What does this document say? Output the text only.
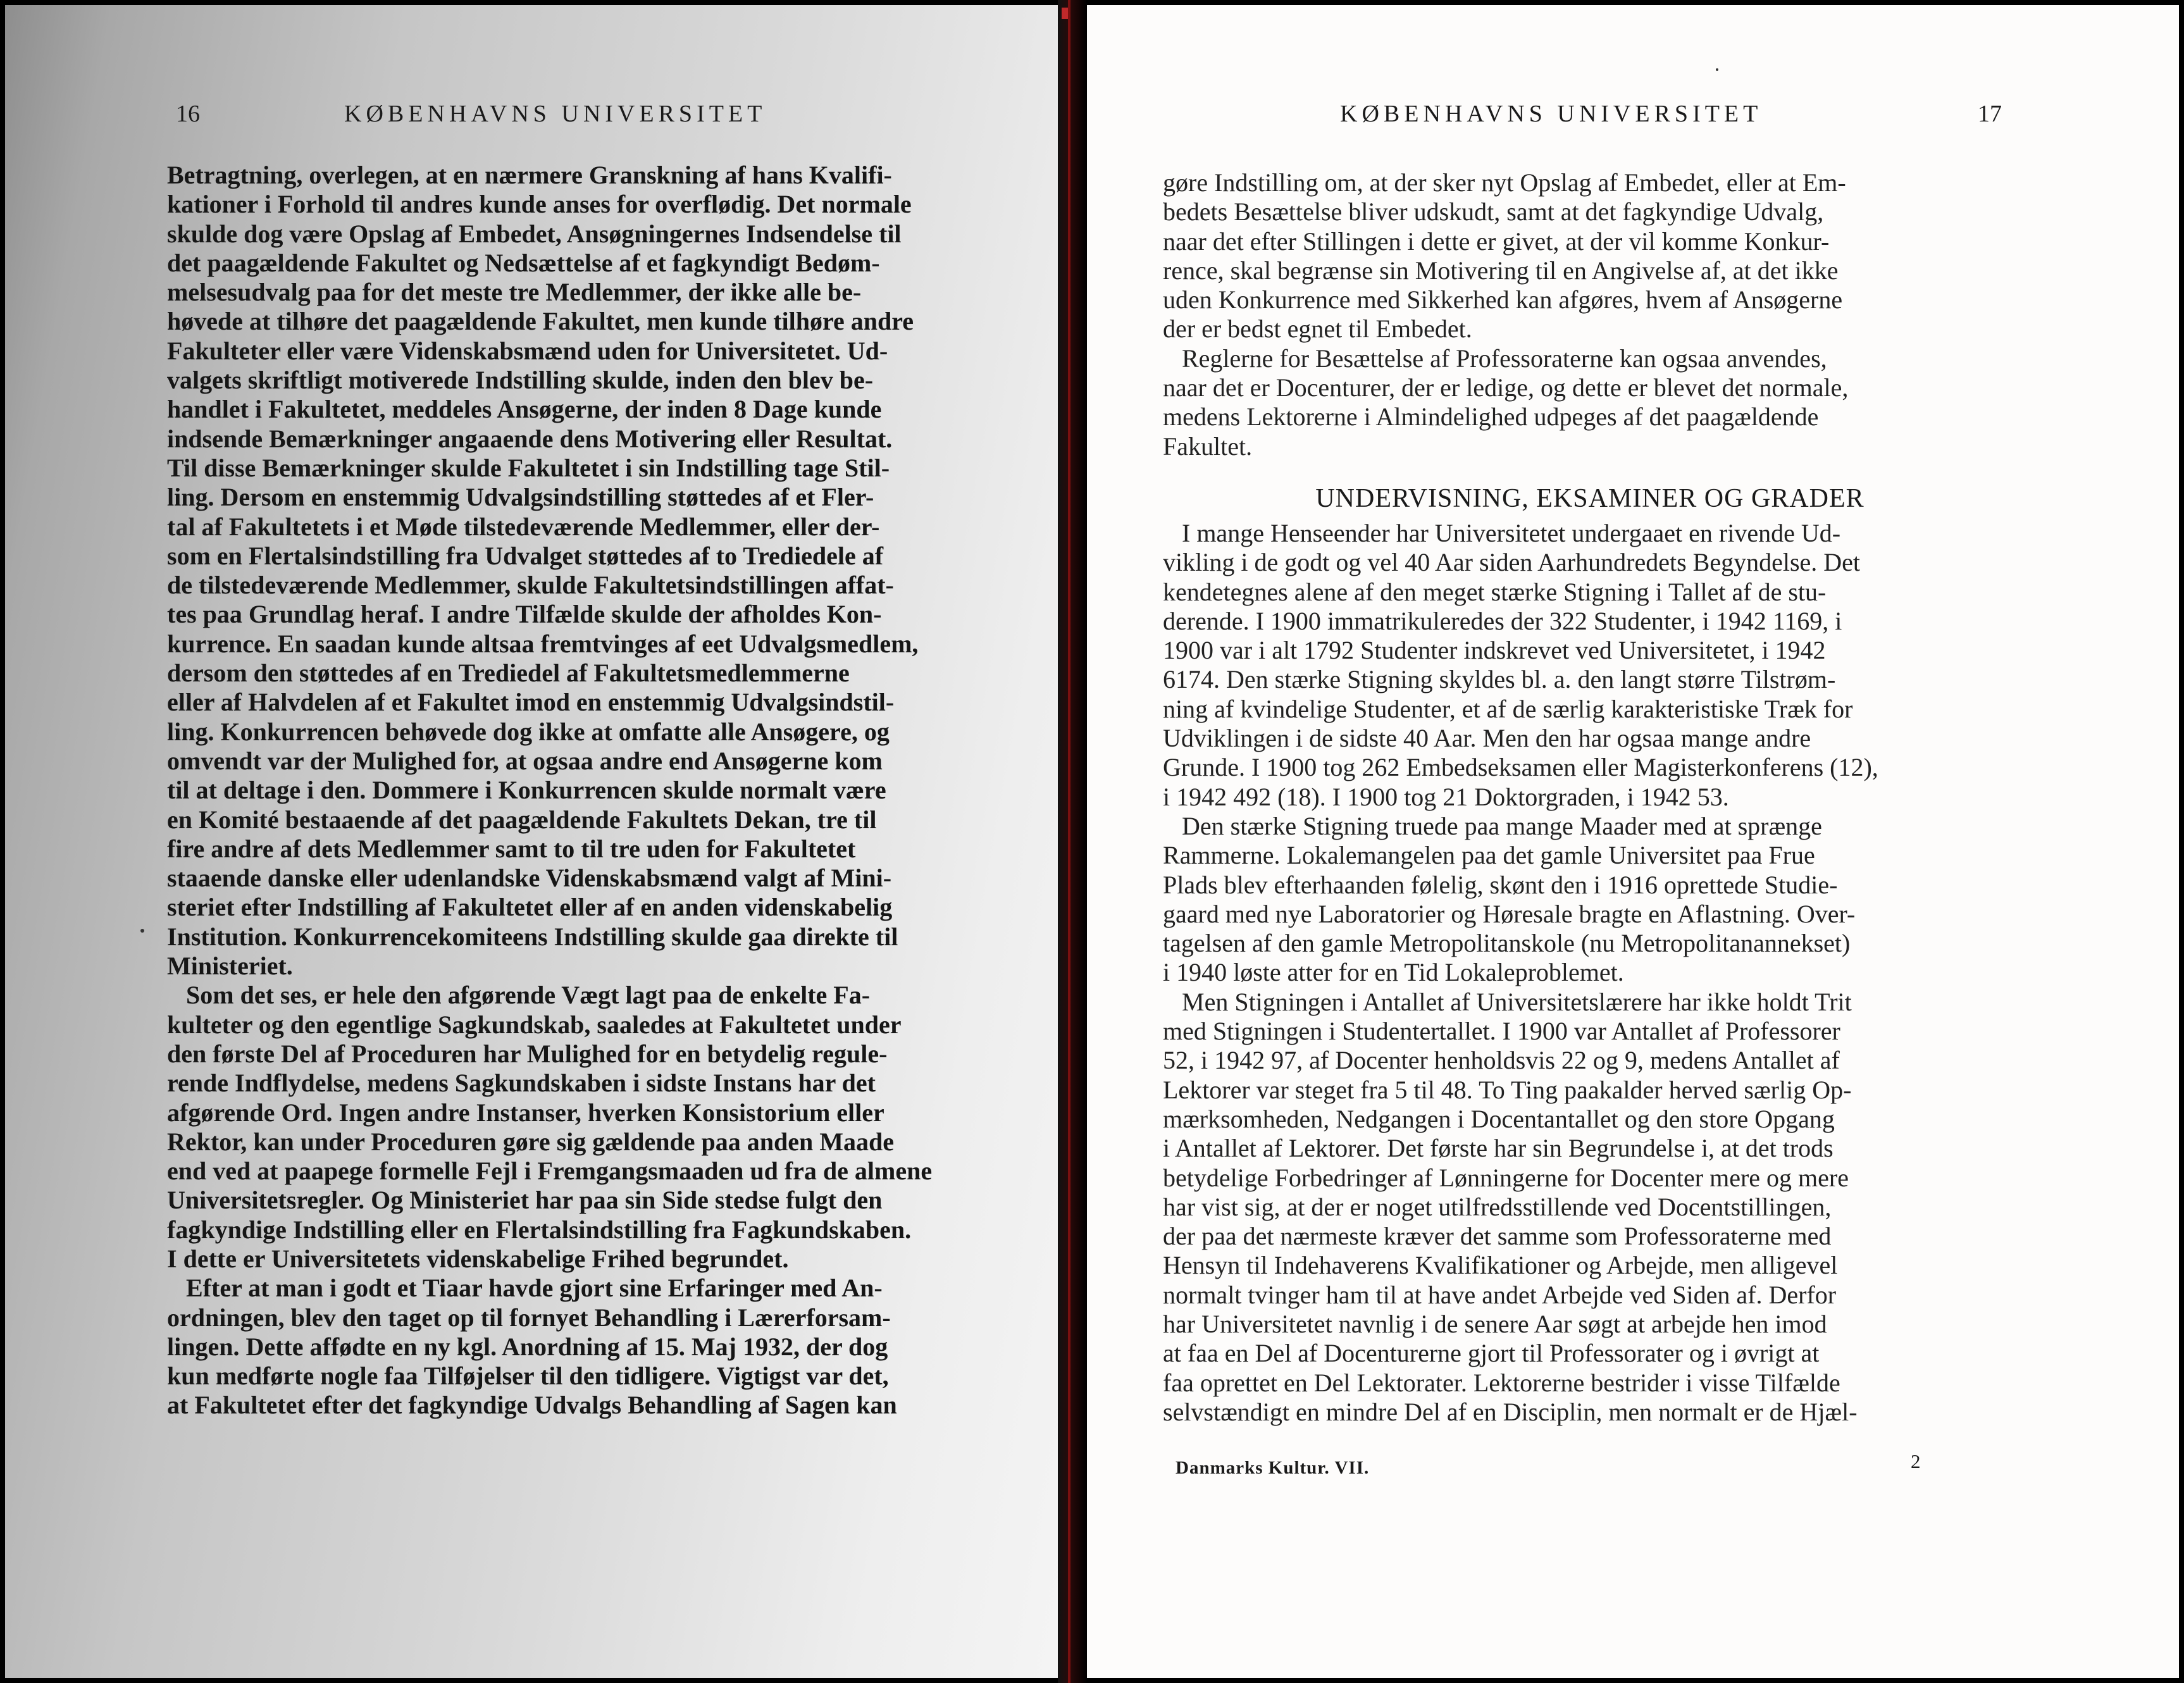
16	KØBENHAVNS UNIVERSITET
Betragtning, overlegen, at en nærmere Granskning af hans Kvalifi-
kationer i Forhold til andres kunde anses for overflødig. Det normale
skulde dog være Opslag af Embedet, Ansøgningernes Indsendelse til
det paagældende Fakultet og Nedsættelse af et fagkyndigt Bedøm-
melsesudvalg paa for det meste tre Medlemmer, der ikke alle be-
høvede at tilhøre det paagældende Fakultet, men kunde tilhøre andre
Fakulteter eller være Videnskabsmænd uden for Universitetet. Ud-
valgets skriftligt motiverede Indstilling skulde, inden den blev be-
handlet i Fakultetet, meddeles Ansøgerne, der inden 8 Dage kunde
indsende Bemærkninger angaaende dens Motivering eller Resultat.
Til disse Bemærkninger skulde Fakultetet i sin Indstilling tage Stil-
ling. Dersom en enstemmig Udvalgsindstilling støttedes af et Fler-
tal af Fakultetets i et Møde tilstedeværende Medlemmer, eller der-
som en Flertalsindstilling fra Udvalget støttedes af to Trediedele af
de tilstedeværende Medlemmer, skulde Fakultetsindstillingen affat-
tes paa Grundlag heraf. I andre Tilfælde skulde der afholdes Kon-
kurrence. En saadan kunde altsaa fremtvinges af eet Udvalgsmedlem,
dersom den støttedes af en Trediedel af Fakultetsmedlemmerne
eller af Halvdelen af et Fakultet imod en enstemmig Udvalgsindstil-
ling. Konkurrencen behøvede dog ikke at omfatte alle Ansøgere, og
omvendt var der Mulighed for, at ogsaa andre end Ansøgerne kom
til at deltage i den. Dommere i Konkurrencen skulde normalt være
en Komité bestaaende af det paagældende Fakultets Dekan, tre til
fire andre af dets Medlemmer samt to til tre uden for Fakultetet
staaende danske eller udenlandske Videnskabsmænd valgt af Mini-
steriet efter Indstilling af Fakultetet eller af en anden videnskabelig
Institution. Konkurrencekomiteens Indstilling skulde gaa direkte til
Ministeriet.
Som det ses, er hele den afgørende Vægt lagt paa de enkelte Fa-
kulteter og den egentlige Sagkundskab, saaledes at Fakultetet under
den første Del af Proceduren har Mulighed for en betydelig regule-
rende Indflydelse, medens Sagkundskaben i sidste Instans har det
afgørende Ord. Ingen andre Instanser, hverken Konsistorium eller
Rektor, kan under Proceduren gøre sig gældende paa anden Maade
end ved at paapege formelle Fejl i Fremgangsmaaden ud fra de almene
Universitetsregler. Og Ministeriet har paa sin Side stedse fulgt den
fagkyndige Indstilling eller en Flertalsindstilling fra Fagkundskaben.
I dette er Universitetets videnskabelige Frihed begrundet.
Efter at man i godt et Tiaar havde gjort sine Erfaringer med An-
ordningen, blev den taget op til fornyet Behandling i Lærerforsam-
lingen. Dette affødte en ny kgl. Anordning af 15. Maj 1932, der dog
kun medførte nogle faa Tilføjelser til den tidligere. Vigtigst var det,
at Fakultetet efter det fagkyndige Udvalgs Behandling af Sagen kan
KØBENHAVNS UNIVERSITET	17
gøre Indstilling om, at der sker nyt Opslag af Embedet, eller at Em-
bedets Besættelse bliver udskudt, samt at det fagkyndige Udvalg,
naar det efter Stillingen i dette er givet, at der vil komme Konkur-
rence, skal begrænse sin Motivering til en Angivelse af, at det ikke
uden Konkurrence med Sikkerhed kan afgøres, hvem af Ansøgerne
der er bedst egnet til Embedet.
Reglerne for Besættelse af Professoraterne kan ogsaa anvendes,
naar det er Docenturer, der er ledige, og dette er blevet det normale,
medens Lektorerne i Almindelighed udpeges af det paagældende
Fakultet.
UNDERVISNING, EKSAMINER OG GRADER
I mange Henseender har Universitetet undergaaet en rivende Ud-
vikling i de godt og vel 40 Aar siden Aarhundredets Begyndelse. Det
kendetegnes alene af den meget stærke Stigning i Tallet af de stu-
derende. I 1900 immatrikuleredes der 322 Studenter, i 1942 1169, i
1900 var i alt 1792 Studenter indskrevet ved Universitetet, i 1942
6174. Den stærke Stigning skyldes bl. a. den langt større Tilstrøm-
ning af kvindelige Studenter, et af de særlig karakteristiske Træk for
Udviklingen i de sidste 40 Aar. Men den har ogsaa mange andre
Grunde. I 1900 tog 262 Embedseksamen eller Magisterkonferens (12),
i 1942 492 (18). I 1900 tog 21 Doktorgraden, i 1942 53.
Den stærke Stigning truede paa mange Maader med at sprænge
Rammerne. Lokalemangelen paa det gamle Universitet paa Frue
Plads blev efterhaanden følelig, skønt den i 1916 oprettede Studie-
gaard med nye Laboratorier og Høresale bragte en Aflastning. Over-
tagelsen af den gamle Metropolitanskole (nu Metropolitanannekset)
i 1940 løste atter for en Tid Lokaleproblemet.
Men Stigningen i Antallet af Universitetslærere har ikke holdt Trit
med Stigningen i Studentertallet. I 1900 var Antallet af Professorer
52, i 1942 97, af Docenter henholdsvis 22 og 9, medens Antallet af
Lektorer var steget fra 5 til 48. To Ting paakalder herved særlig Op-
mærksomheden, Nedgangen i Docentantallet og den store Opgang
i Antallet af Lektorer. Det første har sin Begrundelse i, at det trods
betydelige Forbedringer af Lønningerne for Docenter mere og mere
har vist sig, at der er noget utilfredsstillende ved Docentstillingen,
der paa det nærmeste kræver det samme som Professoraterne med
Hensyn til Indehaverens Kvalifikationer og Arbejde, men alligevel
normalt tvinger ham til at have andet Arbejde ved Siden af. Derfor
har Universitetet navnlig i de senere Aar søgt at arbejde hen imod
at faa en Del af Docenturerne gjort til Professorater og i øvrigt at
faa oprettet en Del Lektorater. Lektorerne bestrider i visse Tilfælde
selvstændigt en mindre Del af en Disciplin, men normalt er de Hjæl-
Danmarks Kultur. VII.	2
